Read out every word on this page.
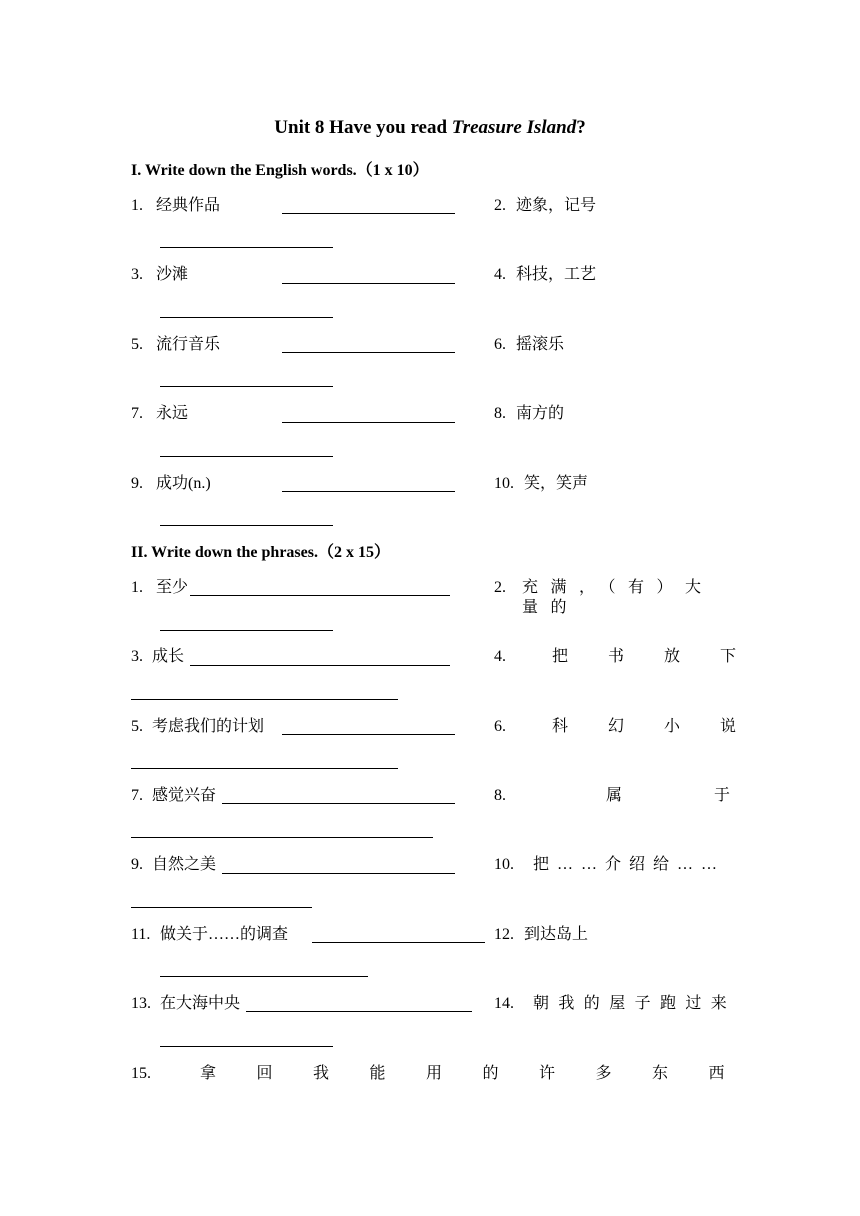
Unit 8 Have you read Treasure Island?
I. Write down the English words.（1 x 10）
1. 经典作品	2. 迹象，记号
3. 沙滩	4. 科技，工艺
5. 流行音乐	6. 摇滚乐
7. 永远	8. 南方的
9. 成功(n.)	10. 笑，笑声
II. Write down the phrases.（2 x 15）
1. 至少	2. 充满，（有）大量的
3. 成长	4.	把书放下
5. 考虑我们的计划	6.	科幻小说
7. 感觉兴奋	8.	属于
9. 自然之美	10. 把……介绍给……
11. 做关于……的调查	12. 到达岛上
13. 在大海中央	14. 朝我的屋子跑过来
15.	拿回我能用的许多东西
